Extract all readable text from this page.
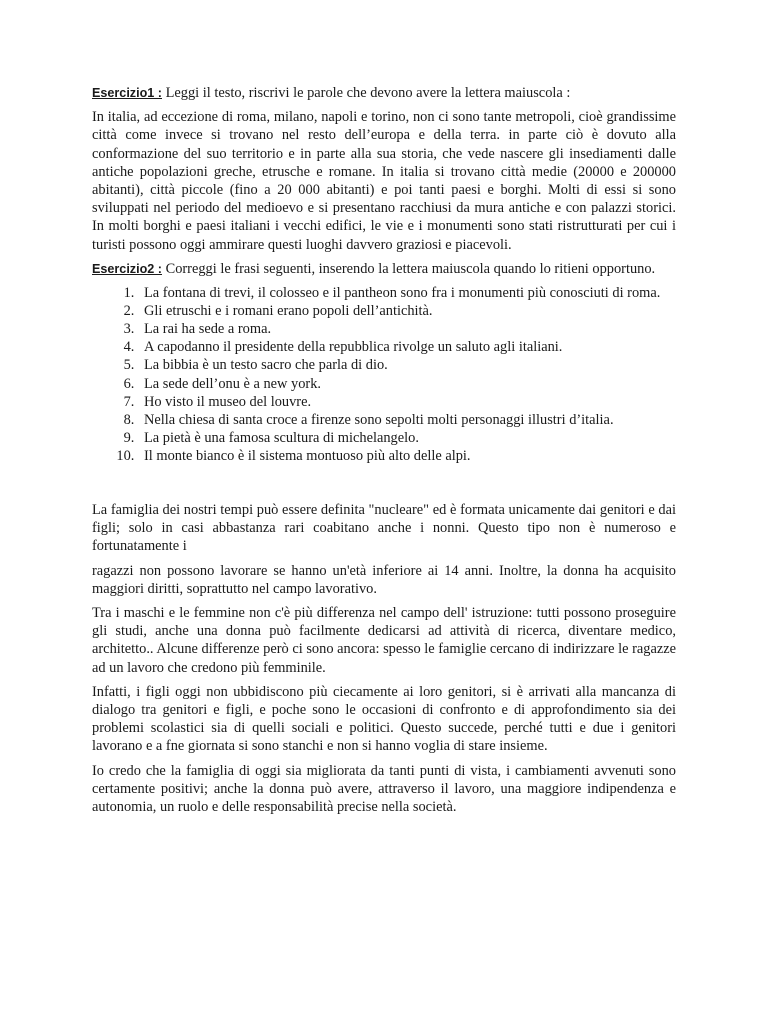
Esercizio1 : Leggi il testo, riscrivi le parole che devono avere la lettera maiuscola :

In italia, ad eccezione di roma, milano, napoli e torino, non ci sono tante metropoli, cioè grandissime città come invece si trovano nel resto dell’europa e della terra. in parte ciò è dovuto alla conformazione del suo territorio e in parte alla sua storia, che vede nascere gli insediamenti dalle antiche popolazioni greche, etrusche e romane. In italia si trovano città medie (20000 e 200000 abitanti), città piccole (fino a 20 000 abitanti) e poi tanti paesi e borghi. Molti di essi si sono sviluppati nel periodo del medioevo e si presentano racchiusi da mura antiche e con palazzi storici. In molti borghi e paesi italiani i vecchi edifici, le vie e i monumenti sono stati ristrutturati per cui i turisti possono oggi ammirare questi luoghi davvero graziosi e piacevoli.

Esercizio2 : Correggi le frasi seguenti, inserendo la lettera maiuscola quando lo ritieni opportuno.

1. La fontana di trevi, il colosseo e il pantheon sono fra i monumenti più conosciuti di roma.
2. Gli etruschi e i romani erano popoli dell’antichità.
3. La rai ha sede a roma.
4. A capodanno il presidente della repubblica rivolge un saluto agli italiani.
5. La bibbia è un testo sacro che parla di dio.
6. La sede dell’onu è a new york.
7. Ho visto il museo del louvre.
8. Nella chiesa di santa croce a firenze sono sepolti molti personaggi illustri d’italia.
9. La pietà è una famosa scultura di michelangelo.
10. Il monte bianco è il sistema montuoso più alto delle alpi.

La famiglia dei nostri tempi può essere definita "nucleare" ed è formata unicamente dai genitori e dai figli; solo in casi abbastanza rari coabitano anche i nonni. Questo tipo non è numeroso e fortunatamente i

ragazzi non possono lavorare se hanno un'età inferiore ai 14 anni. Inoltre, la donna ha acquisito maggiori diritti, soprattutto nel campo lavorativo.

Tra i maschi e le femmine non c'è più differenza nel campo dell' istruzione: tutti possono proseguire gli studi, anche una donna può facilmente dedicarsi ad attività di ricerca, diventare medico, architetto.. Alcune differenze però ci sono ancora: spesso le famiglie cercano di indirizzare le ragazze ad un lavoro che credono più femminile.

Infatti, i figli oggi non ubbidiscono più ciecamente ai loro genitori, si è arrivati alla mancanza di dialogo tra genitori e figli, e poche sono le occasioni di confronto e di approfondimento sia dei problemi scolastici sia di quelli sociali e politici. Questo succede, perché tutti e due i genitori lavorano e a fne giornata si sono stanchi e non si hanno voglia di stare insieme.

Io credo che la famiglia di oggi sia migliorata da tanti punti di vista, i cambiamenti avvenuti sono certamente positivi; anche la donna può avere, attraverso il lavoro, una maggiore indipendenza e autonomia, un ruolo e delle responsabilità precise nella società.
